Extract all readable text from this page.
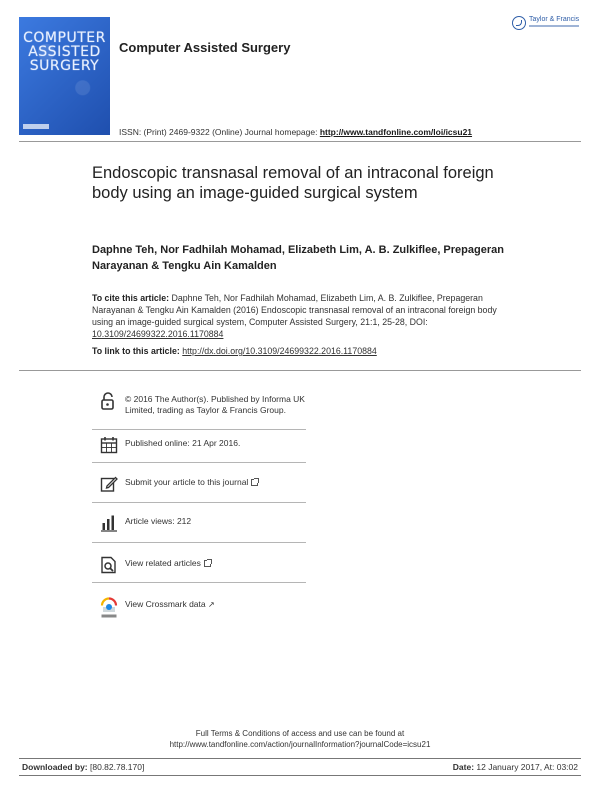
COMPUTER
ASSISTED
SURGERY
Computer Assisted Surgery
Taylor & Francis
ISSN: (Print) 2469-9322 (Online) Journal homepage: http://www.tandfonline.com/loi/icsu21
Endoscopic transnasal removal of an intraconal foreign body using an image-guided surgical system
Daphne Teh, Nor Fadhilah Mohamad, Elizabeth Lim, A. B. Zulkiflee, Prepageran Narayanan & Tengku Ain Kamalden
To cite this article: Daphne Teh, Nor Fadhilah Mohamad, Elizabeth Lim, A. B. Zulkiflee, Prepageran Narayanan & Tengku Ain Kamalden (2016) Endoscopic transnasal removal of an intraconal foreign body using an image-guided surgical system, Computer Assisted Surgery, 21:1, 25-28, DOI: 10.3109/24699322.2016.1170884
To link to this article: http://dx.doi.org/10.3109/24699322.2016.1170884
© 2016 The Author(s). Published by Informa UK Limited, trading as Taylor & Francis Group.
Published online: 21 Apr 2016.
Submit your article to this journal
Article views: 212
View related articles
View Crossmark data ↗
Full Terms & Conditions of access and use can be found at
http://www.tandfonline.com/action/journalInformation?journalCode=icsu21
Downloaded by: [80.82.78.170]	Date: 12 January 2017, At: 03:02
